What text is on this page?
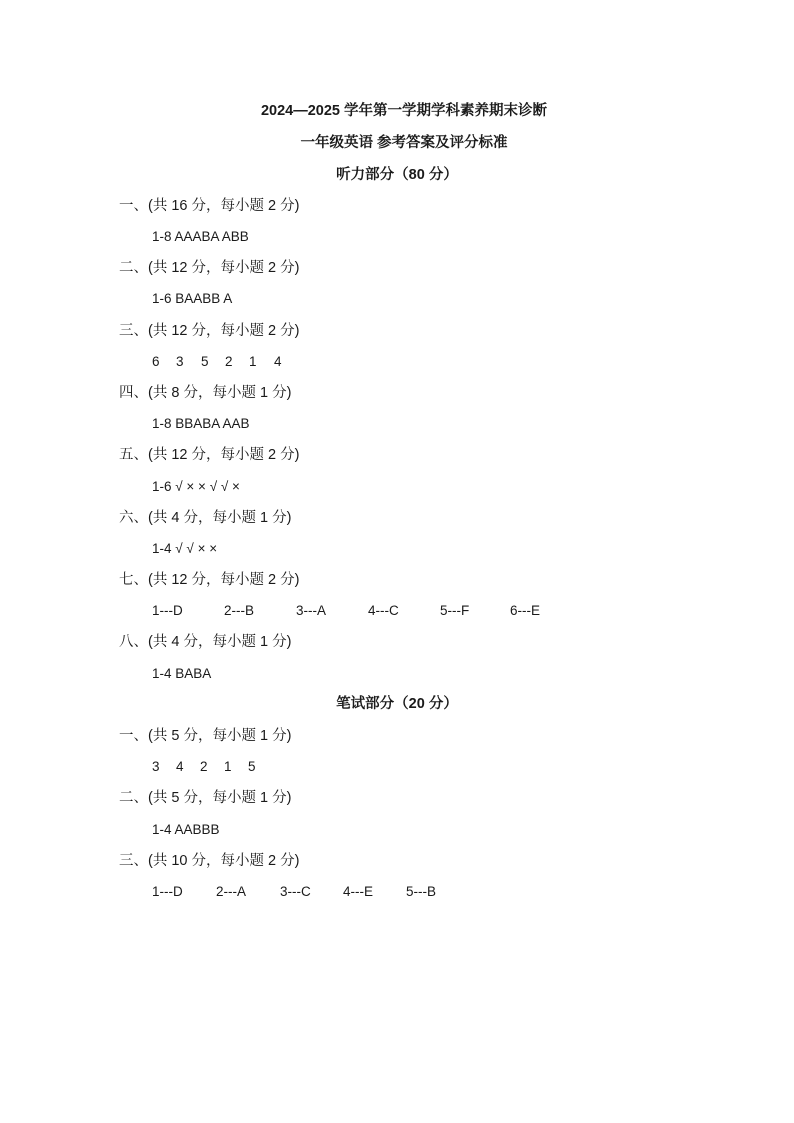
2024—2025 学年第一学期学科素养期末诊断
一年级英语 参考答案及评分标准
听力部分（80 分）
一、(共 16 分，每小题 2 分)
1-8 AAABA ABB
二、(共 12 分，每小题 2 分)
1-6 BAABB A
三、(共 12 分，每小题 2 分)
6 3 5 2 1 4
四、(共 8 分，每小题 1 分)
1-8 BBABA AAB
五、(共 12 分，每小题 2 分)
1-6 √ × × √ √ ×
六、(共 4 分，每小题 1 分)
1-4 √ √ × ×
七、(共 12 分，每小题 2 分)
1---D	2---B	3---A	4---C	5---F	6---E
八、(共 4 分，每小题 1 分)
1-4 BABA
笔试部分（20 分）
一、(共 5 分，每小题 1 分)
3 4 2 1 5
二、(共 5 分，每小题 1 分)
1-4 AABBB
三、(共 10 分，每小题 2 分)
1---D 2---A	3---C 4---E 5---B
